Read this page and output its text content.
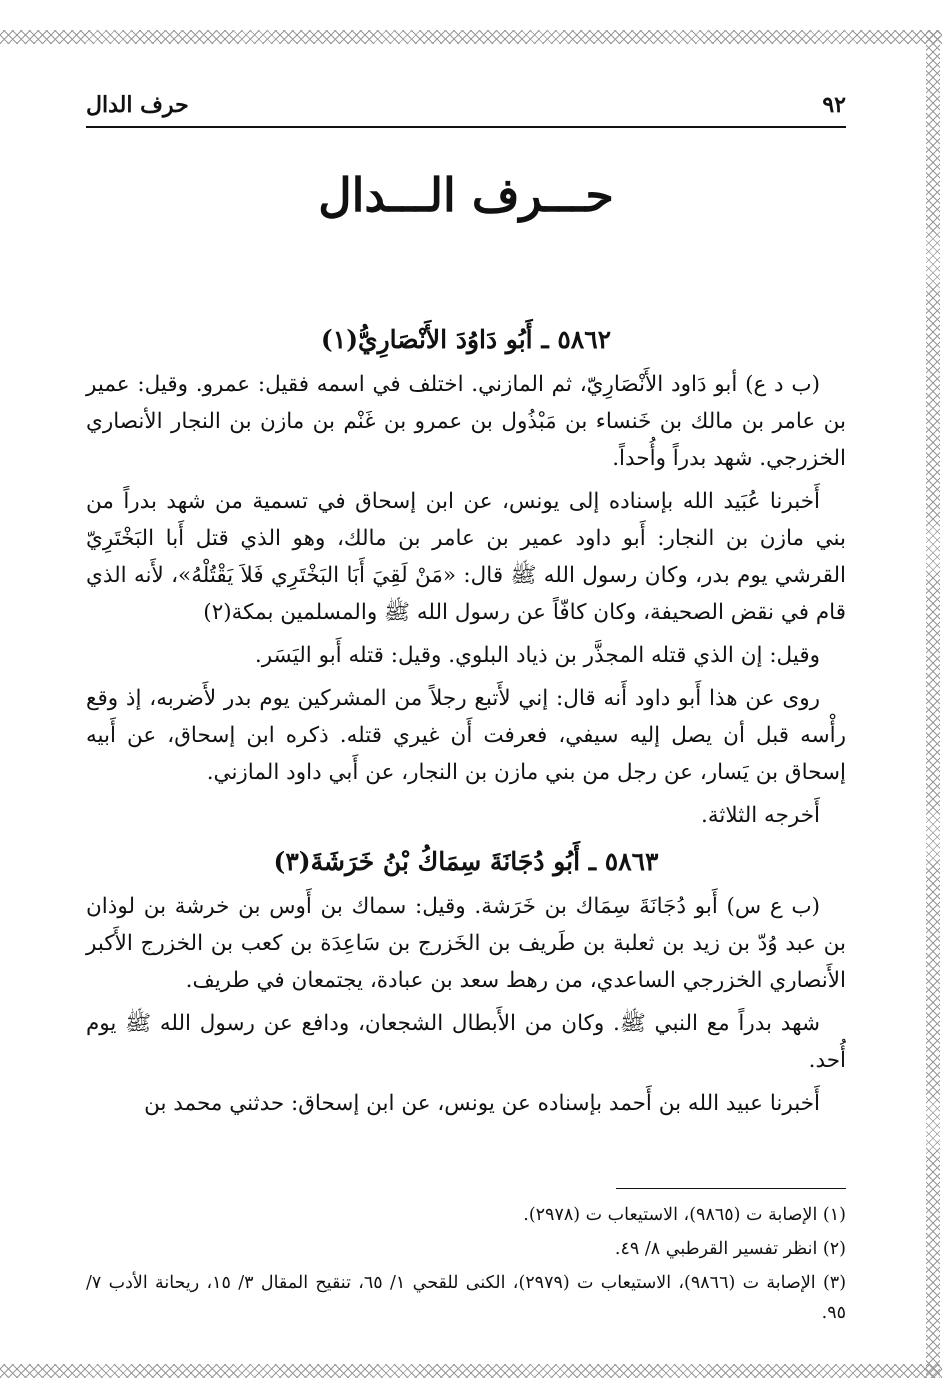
٩٢
حرف الدال
حـــرف الـــدال
٥٨٦٢ ـ أَبُو دَاوُدَ الأَنْصَارِيُّ(١)

(ب د ع) أبو دَاود الأَنْصَارِيّ، ثم المازني. اختلف في اسمه فقيل: عمرو. وقيل: عمير بن عامر بن مالك بن خَنساء بن مَبْذُول بن عمرو بن غَنْم بن مازن بن النجار الأنصاري الخزرجي. شهد بدراً وأُحداً.

أَخبرنا عُبَيد الله بإسناده إلى يونس، عن ابن إسحاق في تسمية من شهد بدراً من بني مازن بن النجار: أَبو داود عمير بن عامر بن مالك، وهو الذي قتل أَبا البَخْتَرِيّ القرشي يوم بدر، وكان رسول الله ﷺ قال: «مَنْ لَقِيَ أَبَا البَخْتَرِي فَلاَ يَقْتُلْهُ»، لأَنه الذي قام في نقض الصحيفة، وكان كافّاً عن رسول الله ﷺ والمسلمين بمكة(٢)

وقيل: إن الذي قتله المجذَّر بن ذياد البلوي. وقيل: قتله أَبو اليَسَر.

روى عن هذا أَبو داود أَنه قال: إني لأَتبع رجلاً من المشركين يوم بدر لأَضربه، إذ وقع رأْسه قبل أن يصل إليه سيفي، فعرفت أَن غيري قتله. ذكره ابن إسحاق، عن أَبيه إسحاق بن يَسار، عن رجل من بني مازن بن النجار، عن أَبي داود المازني.

أَخرجه الثلاثة.

٥٨٦٣ ـ أَبُو دُجَانَةَ سِمَاكُ بْنُ خَرَشَةَ(٣)

(ب ع س) أَبو دُجَانَةَ سِمَاك بن خَرَشة. وقيل: سماك بن أَوس بن خرشة بن لوذان بن عبد وُدّ بن زيد بن ثعلبة بن طَريف بن الخَزرج بن سَاعِدَة بن كعب بن الخزرج الأَكبر الأَنصاري الخزرجي الساعدي، من رهط سعد بن عبادة، يجتمعان في طريف.

شهد بدراً مع النبي ﷺ. وكان من الأَبطال الشجعان، ودافع عن رسول الله ﷺ يوم أُحد.

أَخبرنا عبيد الله بن أَحمد بإسناده عن يونس، عن ابن إسحاق: حدثني محمد بن

(١) الإصابة ت (٩٨٦٥)، الاستيعاب ت (٢٩٧٨).

(٢) انظر تفسير القرطبي ٨/ ٤٩.

(٣) الإصابة ت (٩٨٦٦)، الاستيعاب ت (٢٩٧٩)، الكنى للقحي ١/ ٦٥، تنقيح المقال ٣/ ١٥، ريحانة الأدب ٧/ ٩٥.
